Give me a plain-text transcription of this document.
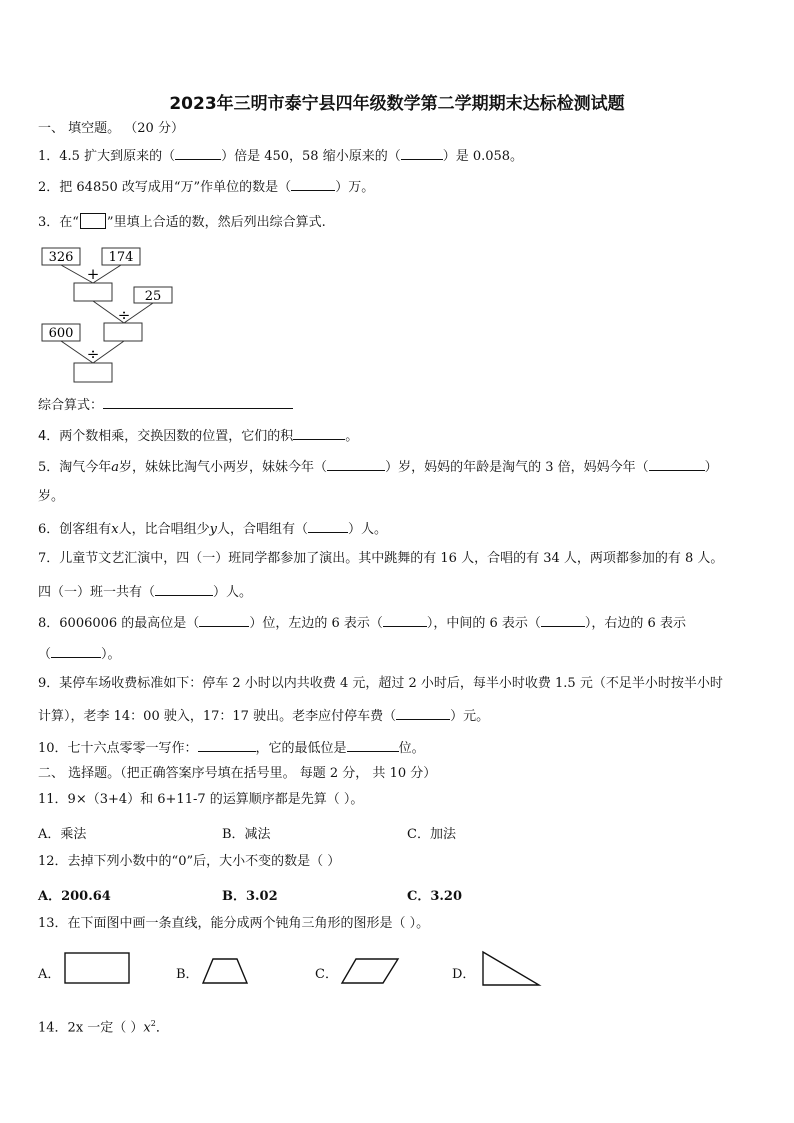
2023年三明市泰宁县四年级数学第二学期期末达标检测试题
一、 填空题。 （20 分）
1．4.5 扩大到原来的（	）倍是 450，58 缩小原来的（	）是 0.058。
2．把 64850 改写成用“万”作单位的数是（	）万。
3．在“ ”里填上合适的数，然后列出综合算式.
326	174
+
25
÷
600
÷
综合算式：
4．两个数相乘，交换因数的位置，它们的积	。
5．淘气今年a岁，妹妹比淘气小两岁，妹妹今年（	）岁，妈妈的年龄是淘气的 3 倍，妈妈今年（	）
岁。
6．创客组有x人，比合唱组少y人，合唱组有（	）人。
7．儿童节文艺汇演中，四（一）班同学都参加了演出。其中跳舞的有 16 人，合唱的有 34 人，两项都参加的有 8 人。
四（一）班一共有（	）人。
8．6006006 的最高位是（	）位，左边的 6 表示（	），中间的 6 表示（	），右边的 6 表示
（	）。
9．某停车场收费标准如下：停车 2 小时以内共收费 4 元，超过 2 小时后，每半小时收费 1.5 元（不足半小时按半小时
计算），老李 14：00 驶入，17：17 驶出。老李应付停车费（	）元。
10．七十六点零零一写作：	，它的最低位是	位。
二、 选择题。（把正确答案序号填在括号里。 每题 2 分， 共 10 分）
11．9×（3+4）和 6+11-7 的运算顺序都是先算（ ）。
A．乘法	B．减法	C．加法
12．去掉下列小数中的“0”后，大小不变的数是（ ）
A．200.64	B．3.02	C．3.20
13．在下面图中画一条直线，能分成两个钝角三角形的图形是（ ）。
A．	B．	C．	D．
14．2x 一定（ ）$x^2$．
